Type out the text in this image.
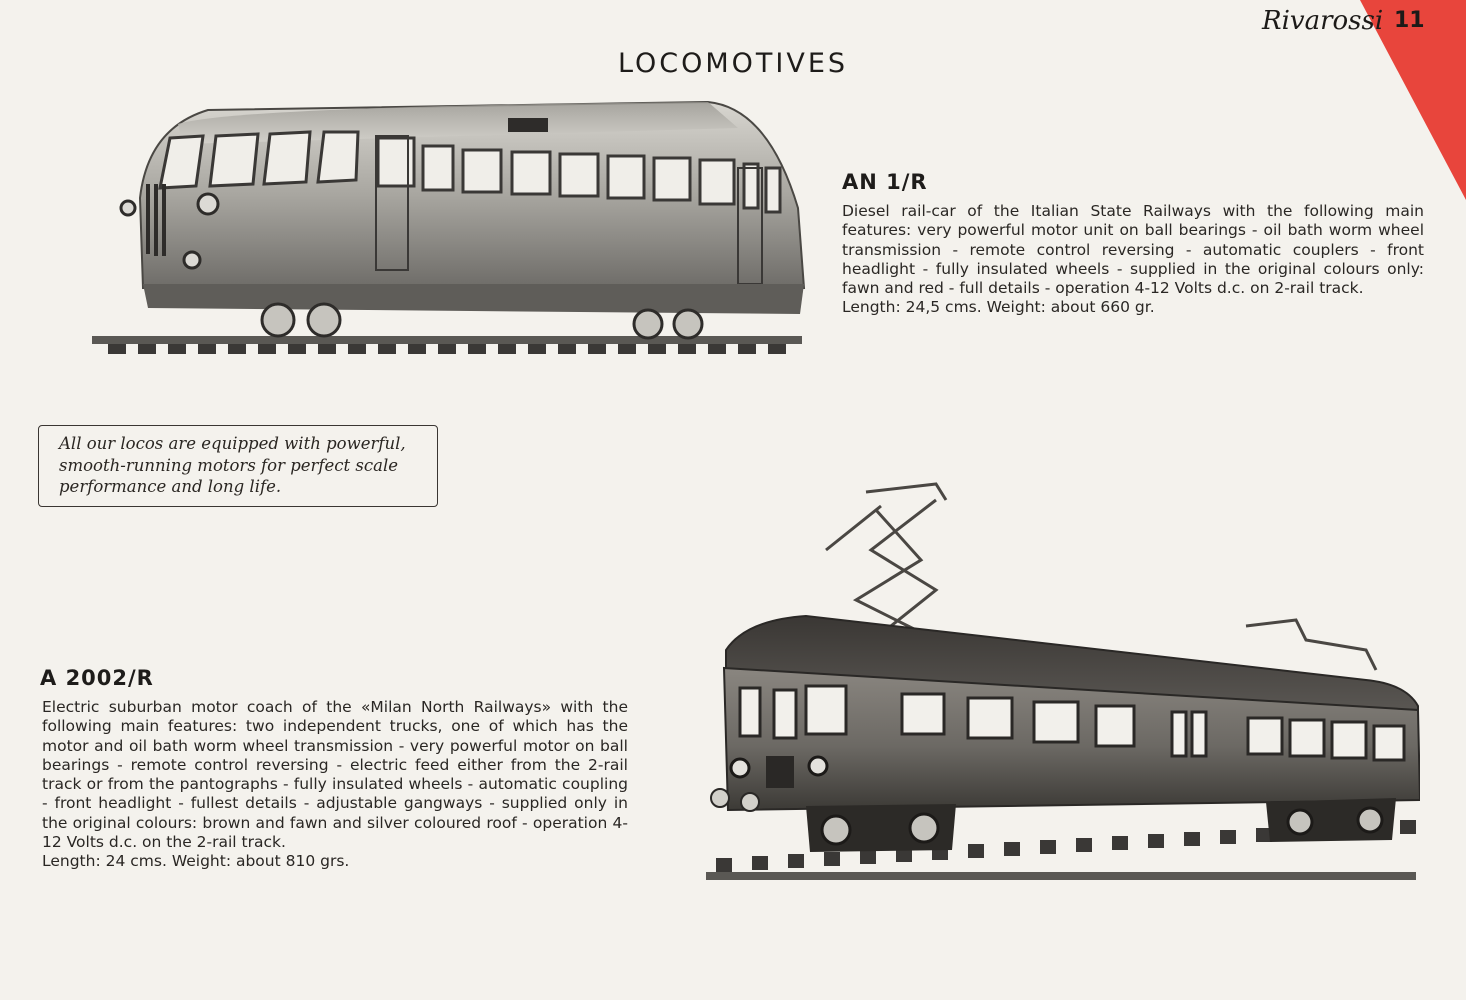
Rivarossi 11
LOCOMOTIVES
AN 1/R

Diesel rail-car of the Italian State Railways with the following main features: very powerful motor unit on ball bearings - oil bath worm wheel transmission - remote control reversing - automatic couplers - front headlight - fully insulated wheels - supplied in the original colours only: fawn and red - full details - operation 4-12 Volts d.c. on 2-rail track.

Length: 24,5 cms. Weight: about 660 gr.

All our locos are equipped with powerful, smooth-running motors for perfect scale performance and long life.
A 2002/R

Electric suburban motor coach of the «Milan North Railways» with the following main features: two independent trucks, one of which has the motor and oil bath worm wheel transmission - very powerful motor on ball bearings - remote control reversing - electric feed either from the 2-rail track or from the pantographs - fully insulated wheels - automatic coupling - front headlight - fullest details - adjustable gangways - supplied only in the original colours: brown and fawn and silver coloured roof - operation 4-12 Volts d.c. on the 2-rail track.

Length: 24 cms. Weight: about 810 grs.
